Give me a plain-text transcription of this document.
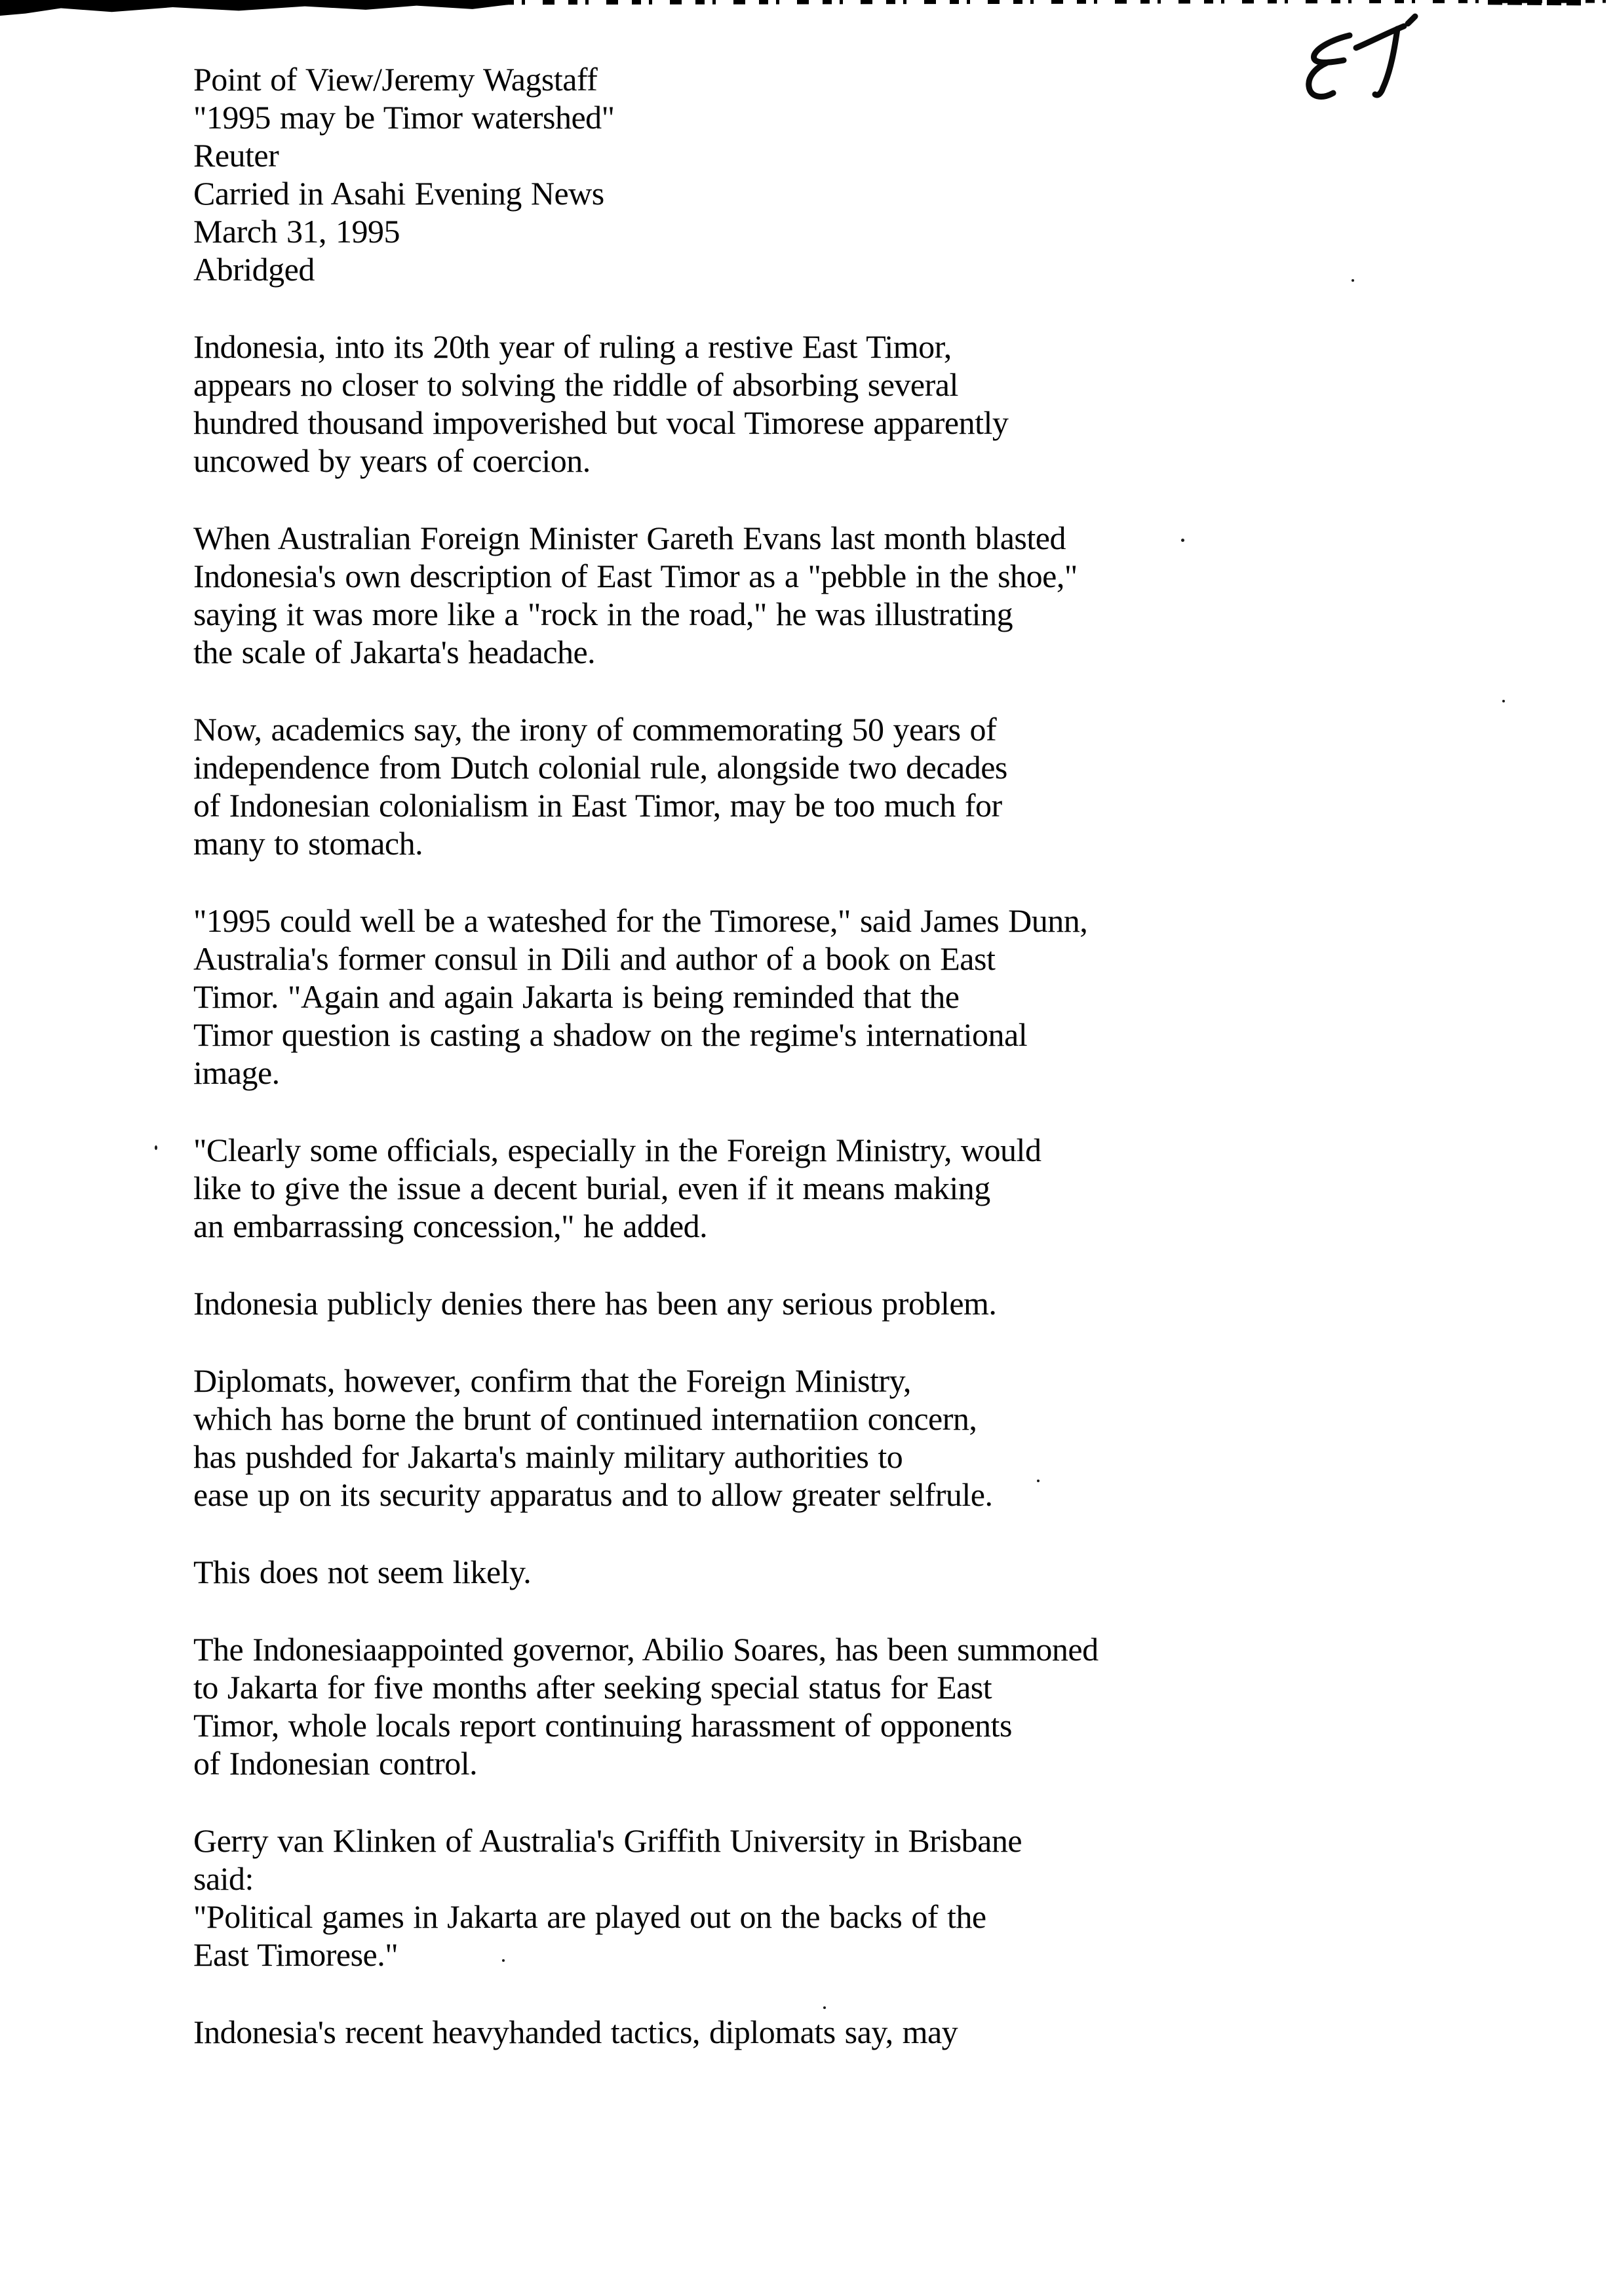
Point of View/Jeremy Wagstaff
"1995 may be Timor watershed"
Reuter
Carried in Asahi Evening News
March 31, 1995
Abridged
Indonesia, into its 20th year of ruling a restive East Timor,
appears no closer to solving the riddle of absorbing several
hundred thousand impoverished but vocal Timorese apparently
uncowed by years of coercion.
When Australian Foreign Minister Gareth Evans last month blasted
Indonesia's own description of East Timor as a "pebble in the shoe,"
saying it was more like a "rock in the road," he was illustrating
the scale of Jakarta's headache.
Now, academics say, the irony of commemorating 50 years of
independence from Dutch colonial rule, alongside two decades
of Indonesian colonialism in East Timor, may be too much for
many to stomach.
"1995 could well be a wateshed for the Timorese," said James Dunn,
Australia's former consul in Dili and author of a book on East
Timor. "Again and again Jakarta is being reminded that the
Timor question is casting a shadow on the regime's international
image.
"Clearly some officials, especially in the Foreign Ministry, would
like to give the issue a decent burial, even if it means making
an embarrassing concession," he added.
Indonesia publicly denies there has been any serious problem.
Diplomats, however, confirm that the Foreign Ministry,
which has borne the brunt of continued internatiion concern,
has pushded for Jakarta's mainly military authorities to
ease up on its security apparatus and to allow greater selfrule.
This does not seem likely.
The Indonesiaappointed governor, Abilio Soares, has been summoned
to Jakarta for five months after seeking special status for East
Timor, whole locals report continuing harassment of opponents
of Indonesian control.
Gerry van Klinken of Australia's Griffith University in Brisbane
said:
"Political games in Jakarta are played out on the backs of the
East Timorese."
Indonesia's recent heavyhanded tactics, diplomats say, may
